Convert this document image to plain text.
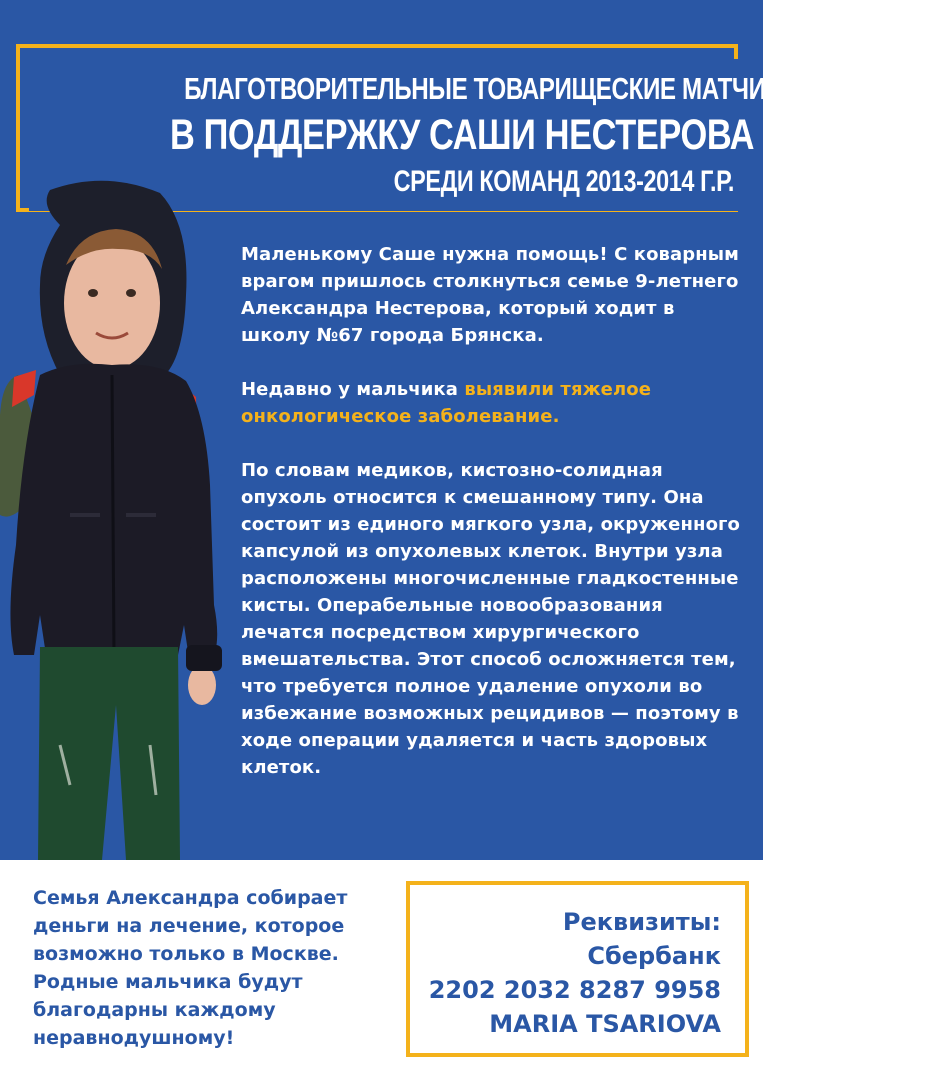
БЛАГОТВОРИТЕЛЬНЫЕ ТОВАРИЩЕСКИЕ МАТЧИ ПО ФУТБОЛУ
В ПОДДЕРЖКУ САШИ НЕСТЕРОВА
СРЕДИ КОМАНД 2013-2014 Г.Р.

Маленькому Саше нужна помощь! С коварным врагом пришлось столкнуться семье 9-летнего Александра Нестерова, который ходит в школу №67 города Брянска.

Недавно у мальчика выявили тяжелое онкологическое заболевание.

По словам медиков, кистозно-солидная опухоль относится к смешанному типу. Она состоит из единого мягкого узла, окруженного капсулой из опухолевых клеток. Внутри узла расположены многочисленные гладкостенные кисты. Операбельные новообразования лечатся посредством хирургического вмешательства. Этот способ осложняется тем, что требуется полное удаление опухоли во избежание возможных рецидивов — поэтому в ходе операции удаляется и часть здоровых клеток.

Семья Александра собирает деньги на лечение, которое возможно только в Москве. Родные мальчика будут благодарны каждому неравнодушному!
Реквизиты:
Сбербанк
2202 2032 8287 9958
MARIA TSARIOVA
